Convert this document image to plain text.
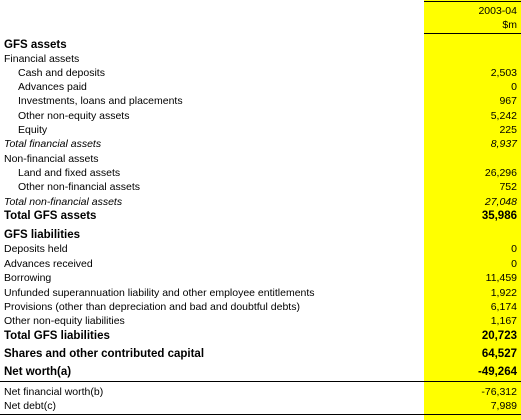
2003-04
$m
GFS assets
Financial assets
Cash and deposits	2,503
Advances paid	0
Investments, loans and placements	967
Other non-equity assets	5,242
Equity	225
Total financial assets	8,937
Non-financial assets
Land and fixed assets	26,296
Other non-financial assets	752
Total non-financial assets	27,048
Total GFS assets	35,986
GFS liabilities
Deposits held	0
Advances received	0
Borrowing	11,459
Unfunded superannuation liability and other employee entitlements	1,922
Provisions (other than depreciation and bad and doubtful debts)	6,174
Other non-equity liabilities	1,167
Total GFS liabilities	20,723
Shares and other contributed capital	64,527
Net worth(a)	-49,264
Net financial worth(b)	-76,312
Net debt(c)	7,989
